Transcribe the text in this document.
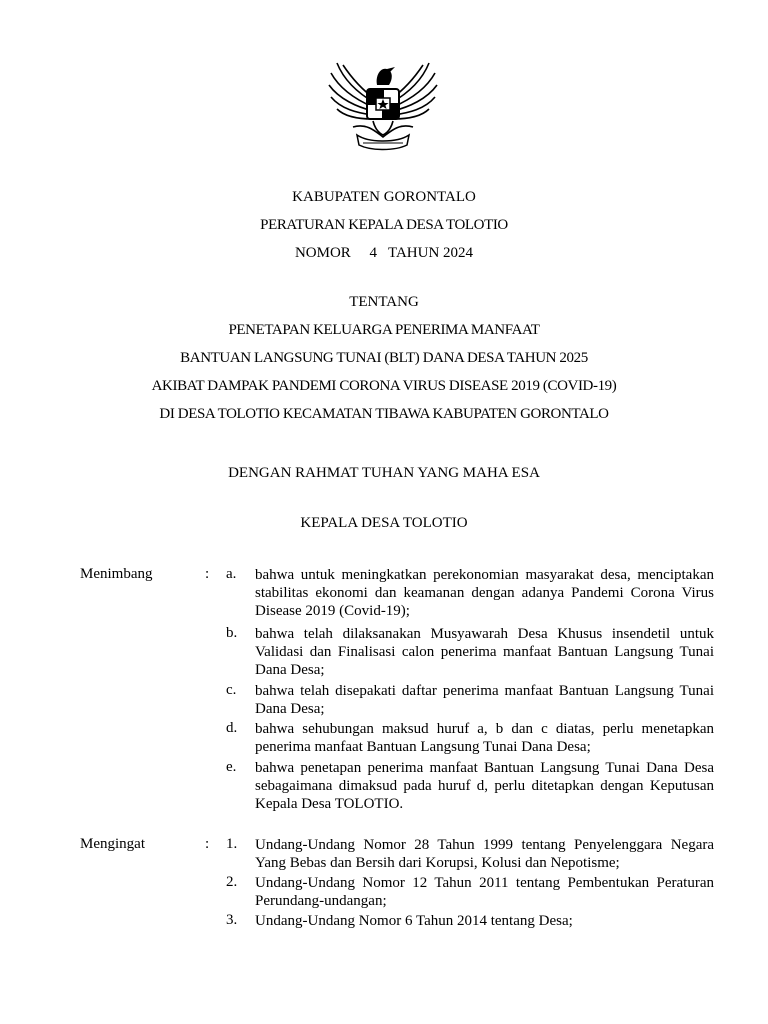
KABUPATEN GORONTALO
PERATURAN KEPALA DESA TOLOTIO
NOMOR     4   TAHUN 2024
TENTANG
PENETAPAN KELUARGA PENERIMA MANFAAT
BANTUAN LANGSUNG TUNAI (BLT) DANA DESA TAHUN 2025
AKIBAT DAMPAK PANDEMI CORONA VIRUS DISEASE 2019 (COVID-19)
DI DESA TOLOTIO KECAMATAN TIBAWA KABUPATEN GORONTALO
DENGAN RAHMAT TUHAN YANG MAHA ESA
KEPALA DESA TOLOTIO
Menimbang	: a. bahwa untuk meningkatkan perekonomian masyarakat desa, menciptakan stabilitas ekonomi dan keamanan dengan adanya Pandemi Corona Virus Disease 2019 (Covid-19);
b. bahwa telah dilaksanakan Musyawarah Desa Khusus insendetil untuk Validasi dan Finalisasi calon penerima manfaat Bantuan Langsung Tunai Dana Desa;
c. bahwa telah disepakati daftar penerima manfaat Bantuan Langsung Tunai Dana Desa;
d. bahwa sehubungan maksud huruf a, b dan c diatas, perlu menetapkan penerima manfaat Bantuan Langsung Tunai Dana Desa;
e. bahwa penetapan penerima manfaat Bantuan Langsung Tunai Dana Desa sebagaimana dimaksud pada huruf d, perlu ditetapkan dengan Keputusan Kepala Desa TOLOTIO.
Mengingat	: 1. Undang-Undang Nomor 28 Tahun 1999 tentang Penyelenggara Negara Yang Bebas dan Bersih dari Korupsi, Kolusi dan Nepotisme;
2. Undang-Undang Nomor 12 Tahun 2011 tentang Pembentukan Peraturan Perundang-undangan;
3. Undang-Undang Nomor 6 Tahun 2014 tentang Desa;
